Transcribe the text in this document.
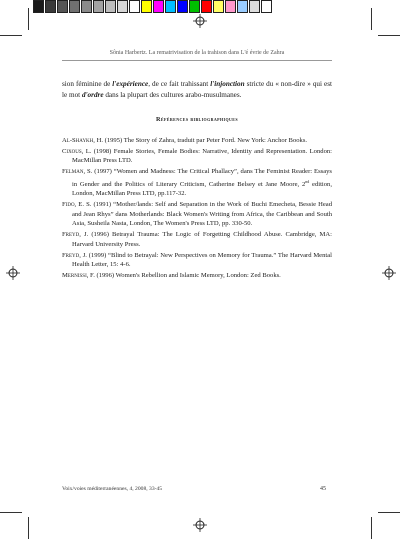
Sônia Harbertz. La rematrivisation de la trahison dans L'é évrie de Zahra

sion féminine de l'expérience, de ce fait trahissant l'injonction stricte du « non-dire » qui est le mot d'ordre dans la plupart des cultures arabo-musulmanes.

Références bibliographiques
Al-Shaykh, H. (1995) The Story of Zahra, traduit par Peter Ford. New York: Anchor Books.
Cixous, L. (1998) Female Stories, Female Bodies: Narrative, Identity and Representation. London: MacMillan Press LTD.
Felman, S. (1997) “Women and Madness: The Critical Phallacy”, dans The Feminist Reader: Essays in Gender and the Politics of Literary Criticism, Catherine Belsey et Jane Moore, 2nd edition, London, MacMillan Press LTD, pp.117-32.
Fido, E. S. (1991) “Mother/lands: Self and Separation in the Work of Buchi Emecheta, Bessie Head and Jean Rhys” dans Motherlands: Black Women's Writing from Africa, the Caribbean and South Asia, Susheila Nasta, London, The Women's Press LTD, pp. 330-50.
Freyd, J. (1996) Betrayal Trauma: The Logic of Forgetting Childhood Abuse. Cambridge, MA: Harvard University Press.
Freyd, J. (1999) “Blind to Betrayal: New Perspectives on Memory for Trauma.” The Harvard Mental Health Letter, 15: 4-6.
Mernissi, F. (1996) Women's Rebellion and Islamic Memory, London: Zed Books.
Voix/voies méditerranéennes, 4, 2008, 33-45	45
